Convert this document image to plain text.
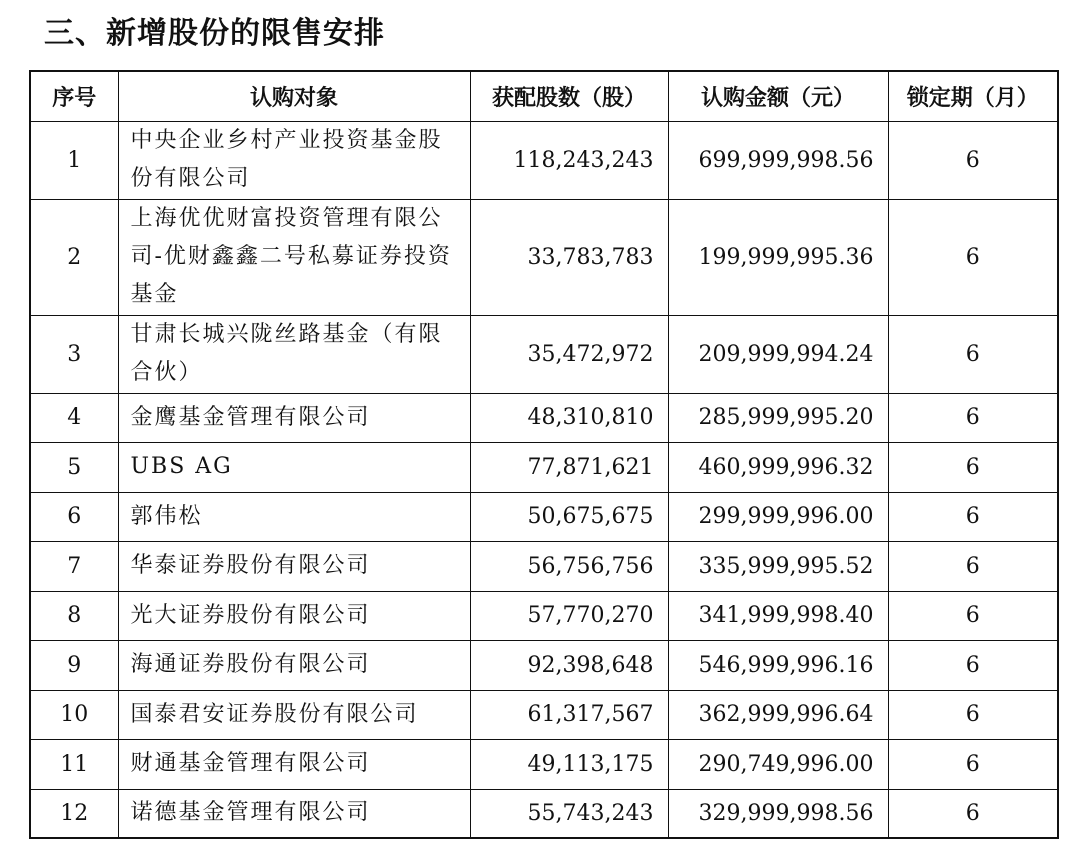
三、新增股份的限售安排
序号	认购对象	获配股数（股）	认购金额（元）	锁定期（月）
1	中央企业乡村产业投资基金股份有限公司	118,243,243	699,999,998.56	6
2	上海优优财富投资管理有限公司-优财鑫鑫二号私募证券投资基金	33,783,783	199,999,995.36	6
3	甘肃长城兴陇丝路基金（有限合伙）	35,472,972	209,999,994.24	6
4	金鹰基金管理有限公司	48,310,810	285,999,995.20	6
5	UBS AG	77,871,621	460,999,996.32	6
6	郭伟松	50,675,675	299,999,996.00	6
7	华泰证券股份有限公司	56,756,756	335,999,995.52	6
8	光大证券股份有限公司	57,770,270	341,999,998.40	6
9	海通证券股份有限公司	92,398,648	546,999,996.16	6
10	国泰君安证券股份有限公司	61,317,567	362,999,996.64	6
11	财通基金管理有限公司	49,113,175	290,749,996.00	6
12	诺德基金管理有限公司	55,743,243	329,999,998.56	6
